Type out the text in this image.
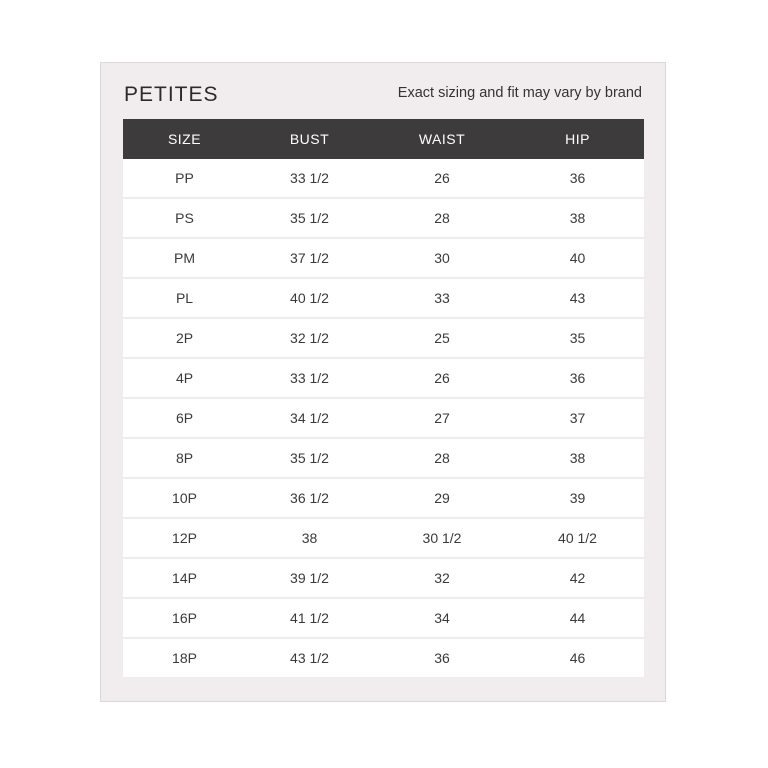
PETITES	Exact sizing and fit may vary by brand
SIZE	BUST	WAIST	HIP
PP	33 1/2	26	36
PS	35 1/2	28	38
PM	37 1/2	30	40
PL	40 1/2	33	43
2P	32 1/2	25	35
4P	33 1/2	26	36
6P	34 1/2	27	37
8P	35 1/2	28	38
10P	36 1/2	29	39
12P	38	30 1/2	40 1/2
14P	39 1/2	32	42
16P	41 1/2	34	44
18P	43 1/2	36	46
